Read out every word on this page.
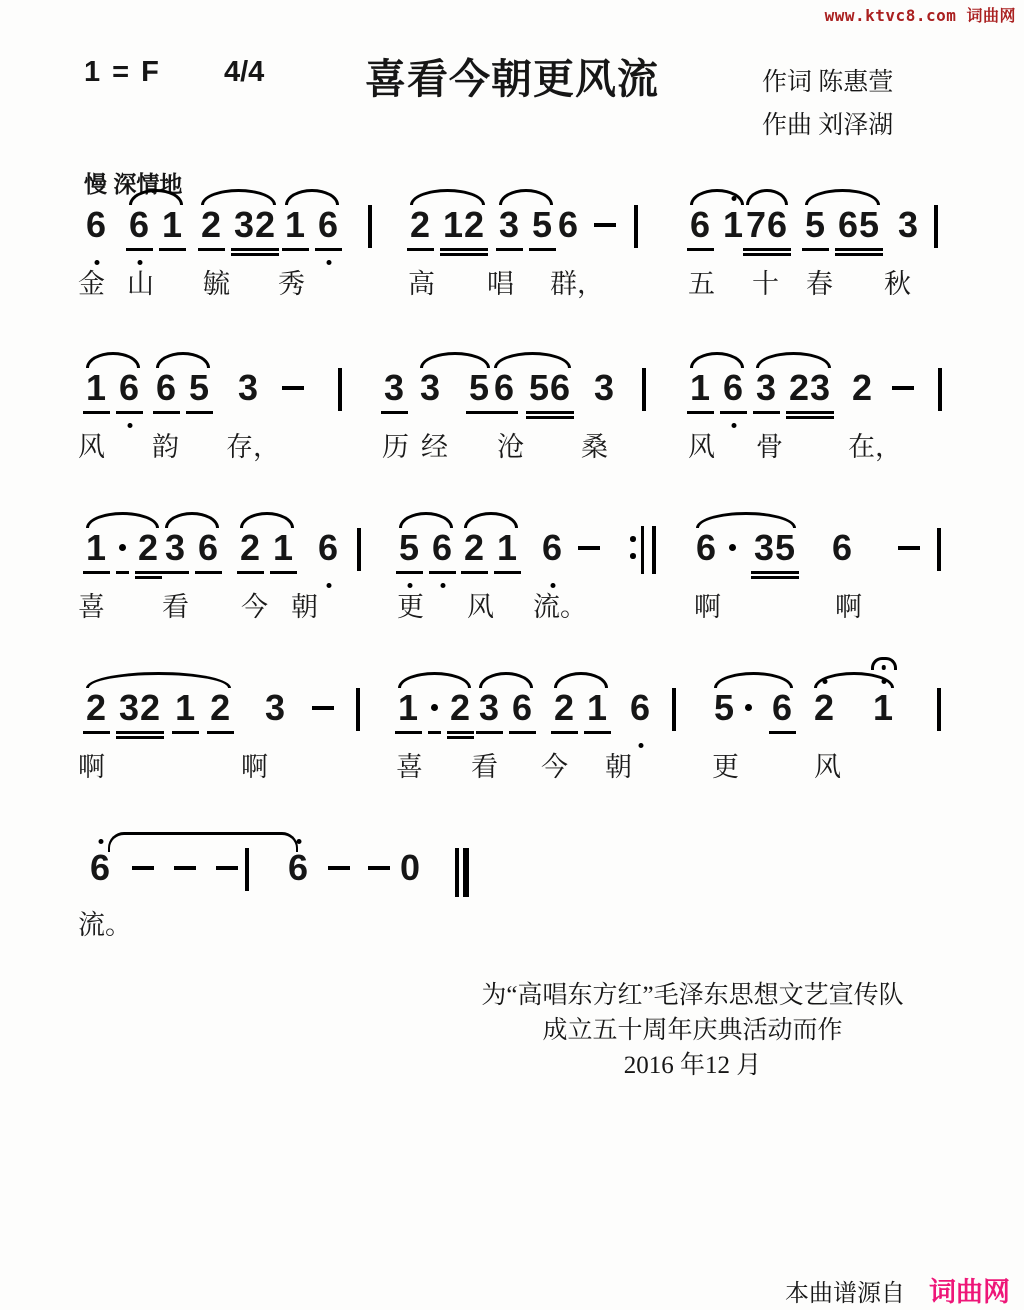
www.ktvc8.com 词曲网
1 = F 4/4	喜看今朝更风流	作词 陈惠萱
作曲 刘泽湖
慢 深情地
6 6 1 2 32 1 6 2 12 3 5 6	6 1 76 5 65 3
金 山 毓 秀	高 唱 群，	五 十 春 秋
1 6 6 5 3	3 3 5 6 56 3 1 6 3 23 2
风 韵 存，	历 经 沧 桑	风 骨 在，
1 2 3 6 2 1 6 5 6 2 1 6	6 35 6
喜 看 今 朝	更 风 流。	啊	啊
2 32 1 2 3	1 2 3 6 2 1 6 5 6 2 1
啊	啊	喜 看 今 朝	更	风
6	6	0
流。
为“高唱东方红”毛泽东思想文艺宣传队
成立五十周年庆典活动而作
2016 年12 月
本曲谱源自 词曲网
